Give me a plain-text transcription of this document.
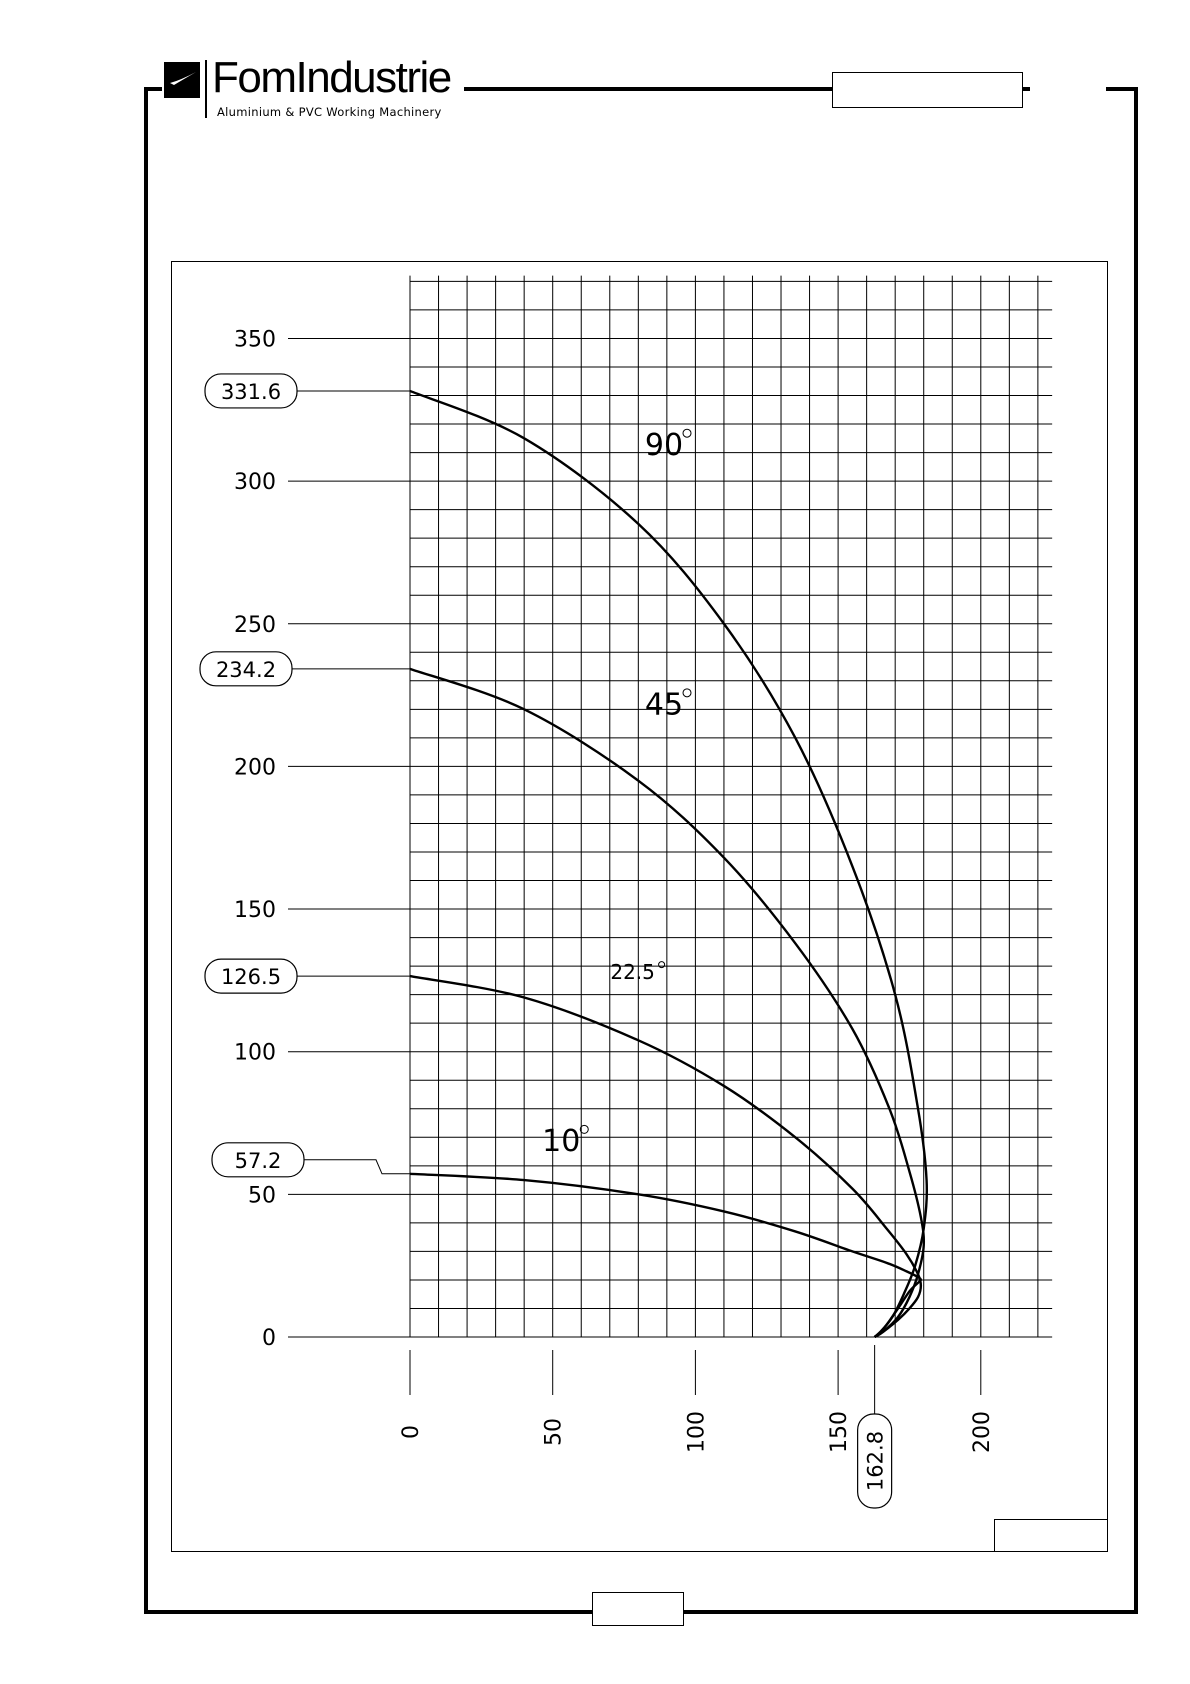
FomIndustrie
Aluminium & PVC Working Machinery
0
50
100
150
200
250
300
350
0	50	100	150	200
90
45
22.5
10
331.6
234.2
126.5
57.2
162.8
